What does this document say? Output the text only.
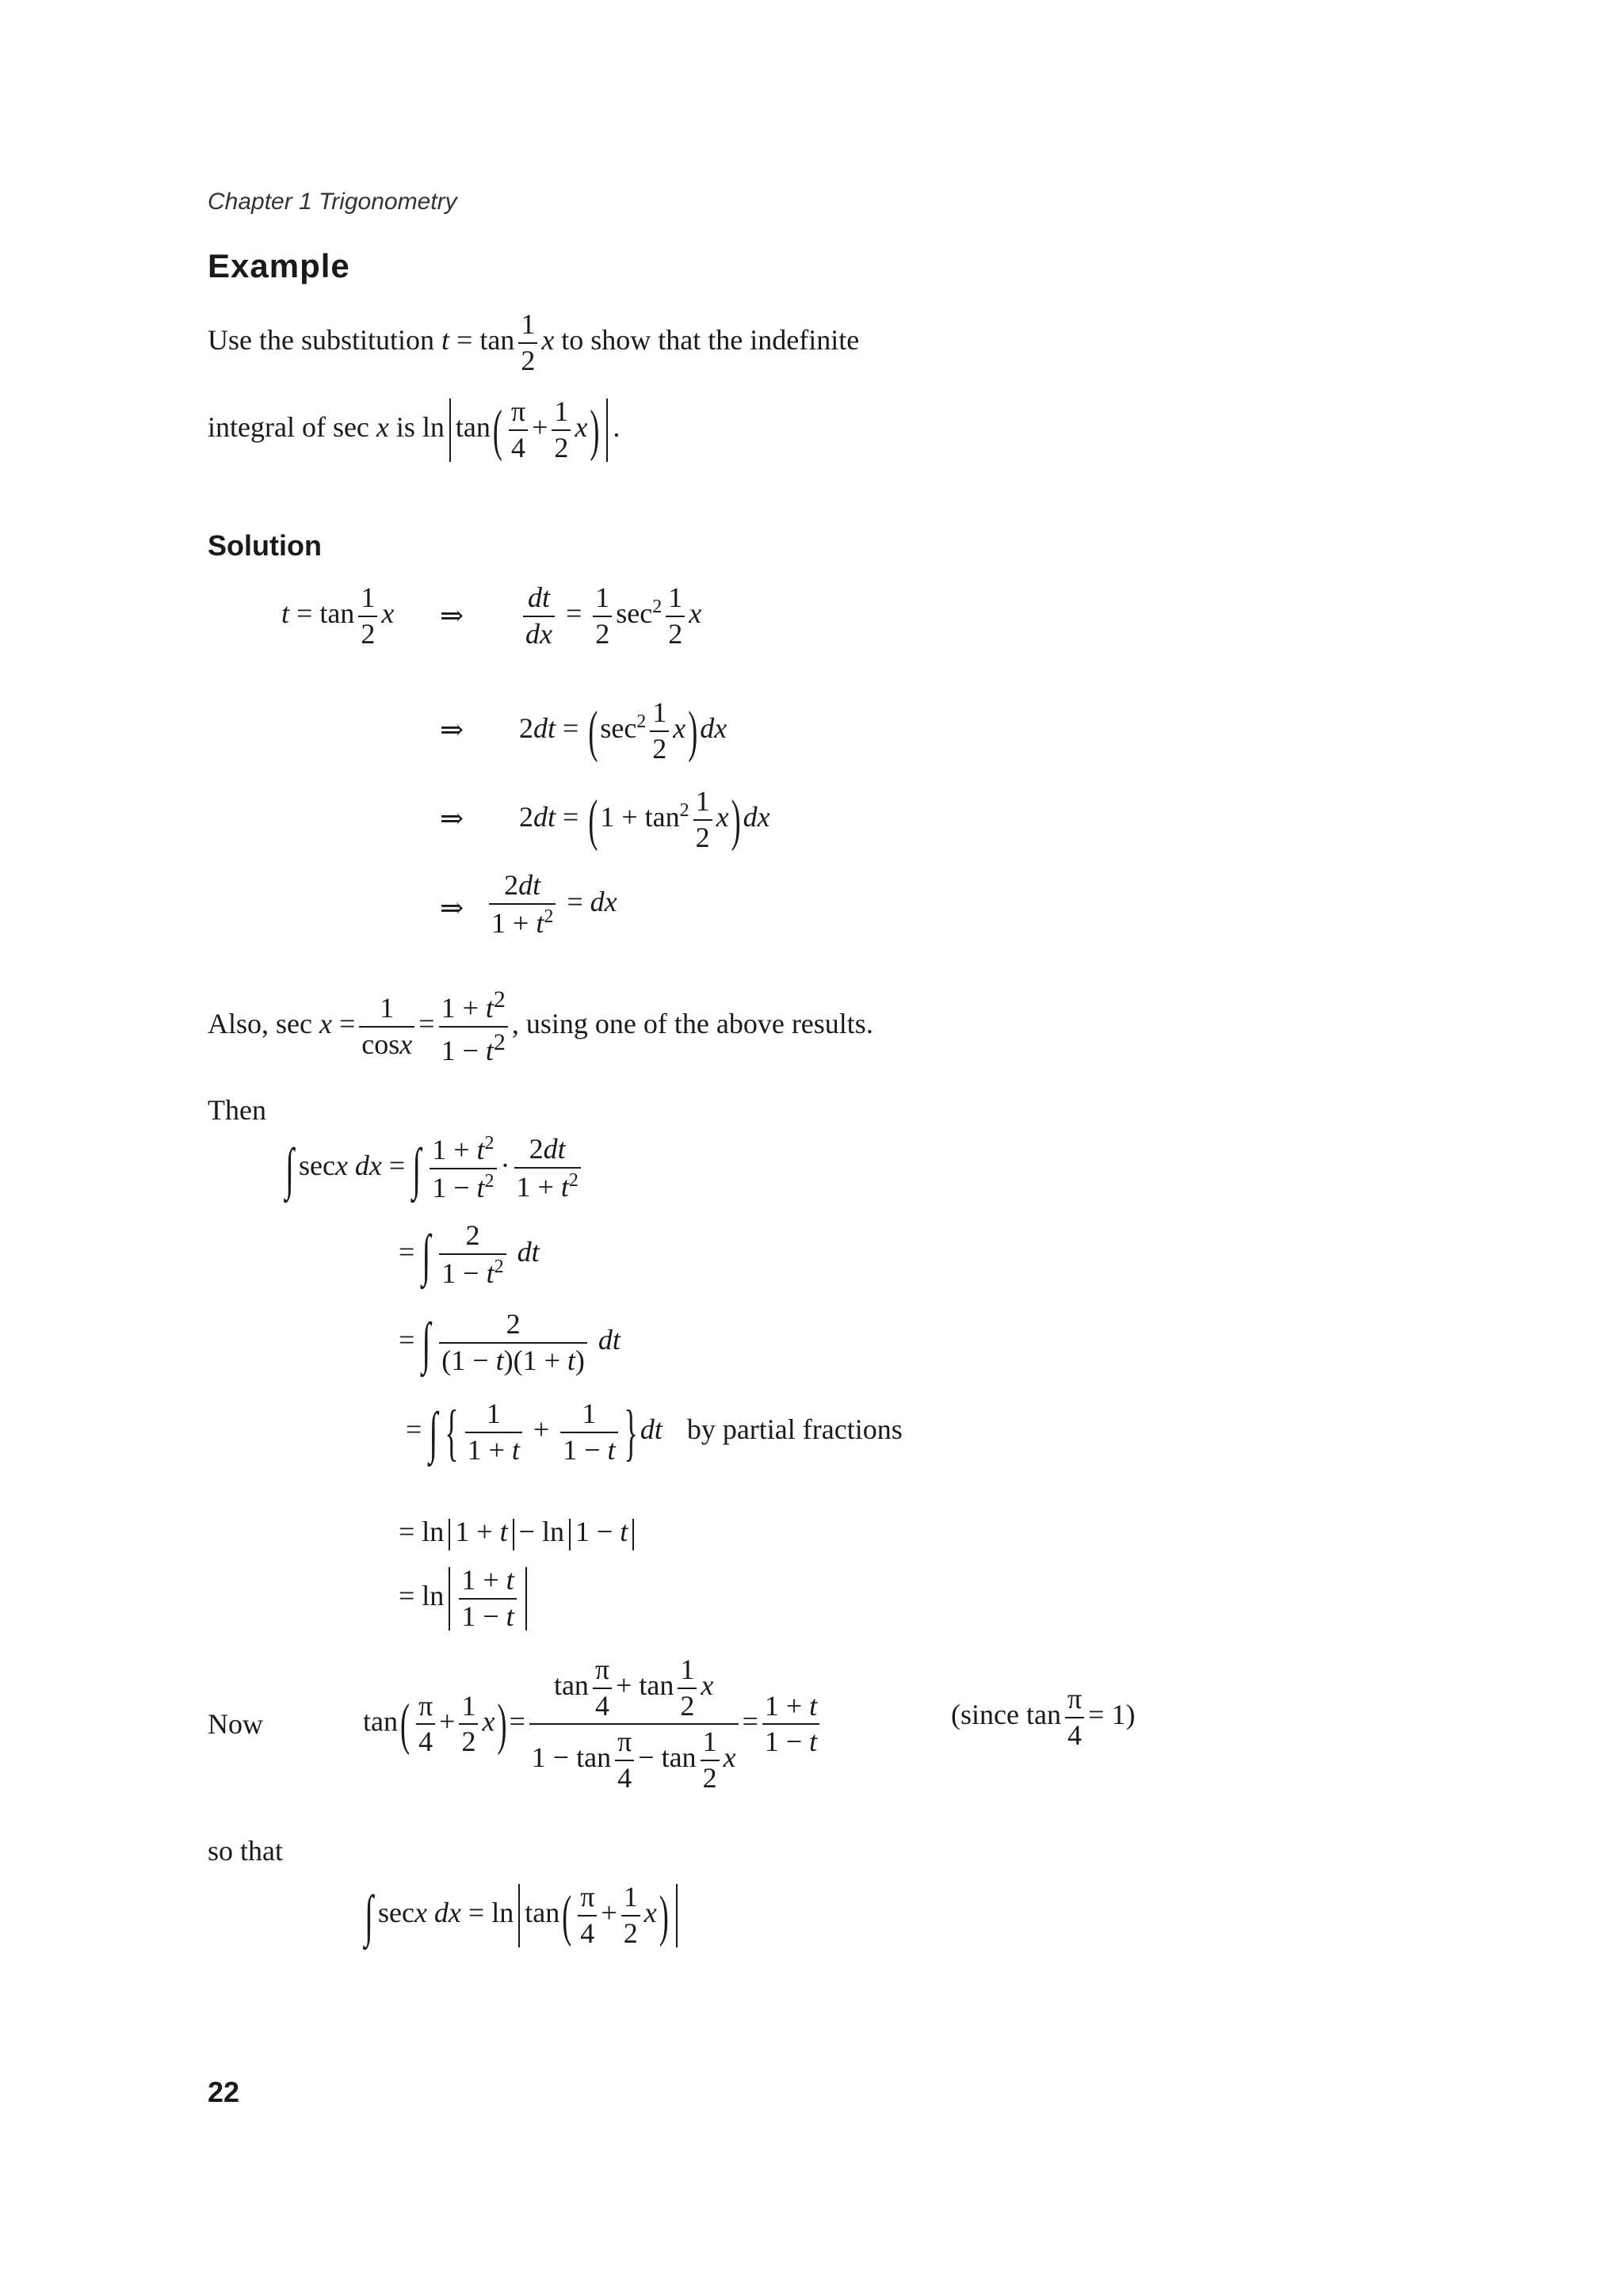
Chapter 1 Trigonometry
Example
Use the substitution $t = \tan \frac{1}{2}$ x to show that the indefinite
integral of sec x is $\ln \tan( \frac{\pi}{4} + \frac{1}{2} x)$ .
Solution
$t = \tan \frac{1}{2}$ x ⇒ $\frac{dt}{dx} = \frac{1}{2} \sec^2 \frac{1}{2}$ x
⇒ $2dt = (\sec^2 \frac{1}{2} x)dx$
⇒ $2dt = (1 + \tan^2 \frac{1}{2} x)dx$
⇒ $\frac{2dt}{1 + t^2}$ = dx
Also, $\sec x = \frac{1}{\cos x} = \frac{1 + t^2}{1 - t^2}$ , using one of the above results.
Then
∫ secx dx = ∫ $\frac{1 + t^2}{1 - t^2} \cdot \frac{2dt}{1 + t^2}$
= ∫ $\frac{2}{1 - t^2}$ dt
= ∫ $\frac{2}{(1 - t)(1 + t)}$ dt
= ∫ { $\frac{1}{1 + t} + \frac{1}{1 - t} \}dt$ by partial fractions
= ln 1 + t − ln 1 − t
= $\ln \frac{1 + t}{1 - t}$
Now	$\tan( \frac{\pi}{4} + \frac{1}{2} x)= \frac{\tan \frac{\pi}{4} + \tan \frac{1}{2} x}{1 - \tan \frac{\pi}{4} - \tan \frac{1}{2} x} = \frac{1 + t}{1 - t}$	(since $\tan \frac{\pi}{4} = 1$)
so that
∫ secx dx = $\ln \tan( \frac{\pi}{4} + \frac{1}{2} x)$
22
